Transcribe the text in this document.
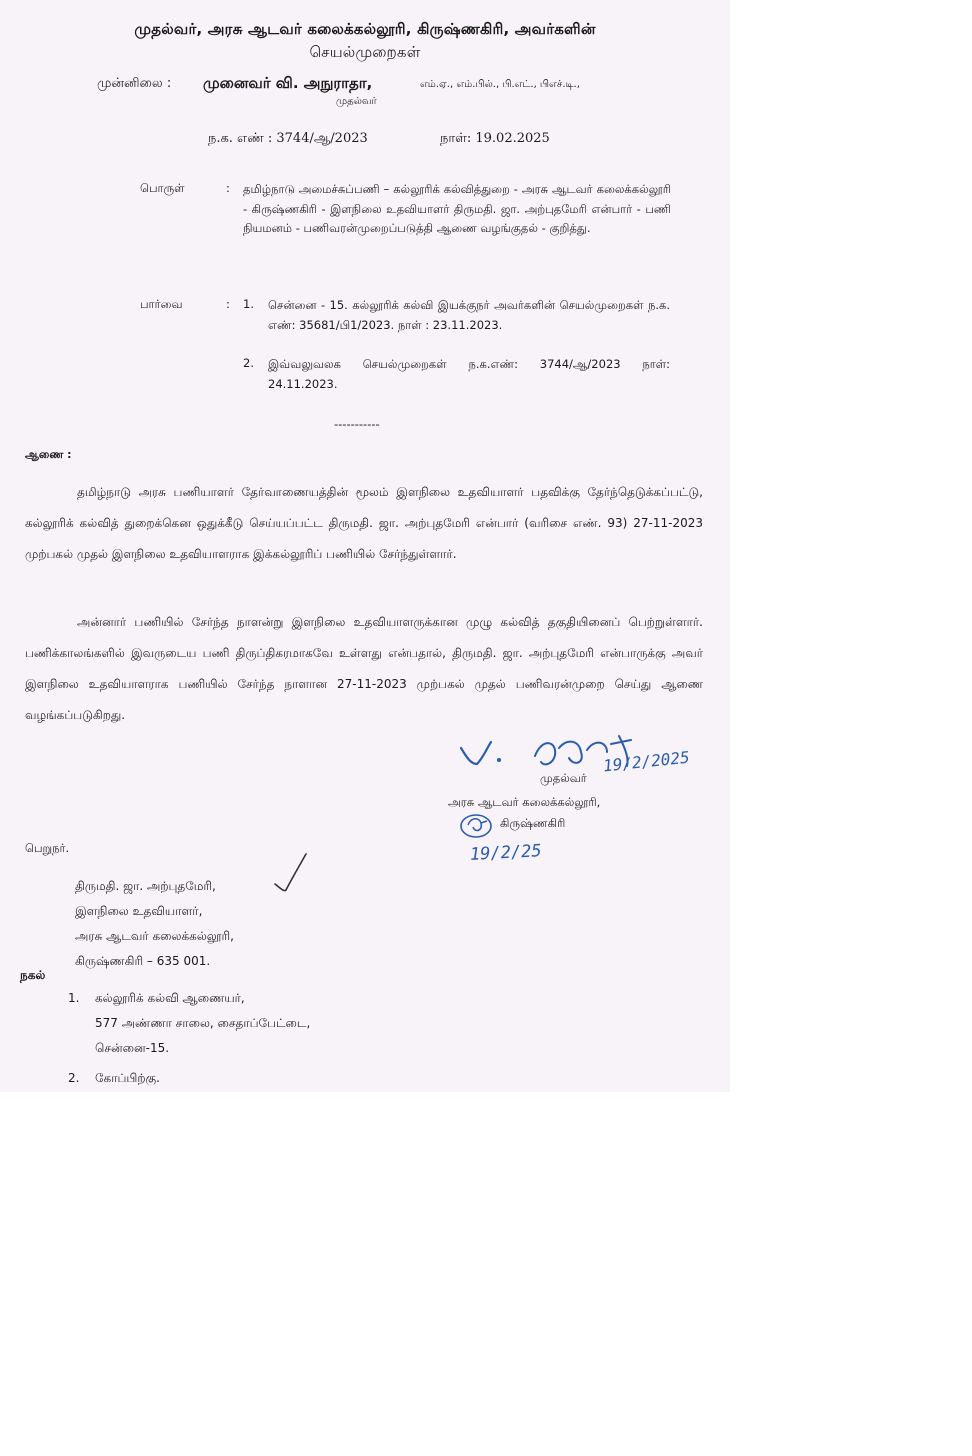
முதல்வர், அரசு ஆடவர் கலைக்கல்லூரி, கிருஷ்ணகிரி, அவர்களின்
செயல்முறைகள்
முன்னிலை : முனைவர் வி. அநுராதா,	எம்.ஏ., எம்.பில்., பி.எட்., பிஎச்.டி.,
முதல்வர்
ந.க. எண் : 3744/ஆ/2023	நாள்: 19.02.2025
பொருள்	: தமிழ்நாடு அமைச்சுப்பணி – கல்லூரிக் கல்வித்துறை - அரசு ஆடவர் கலைக்கல்லூரி - கிருஷ்ணகிரி - இளநிலை உதவியாளர் திருமதி. ஜா. அற்புதமேரி என்பார் - பணி நியமனம் - பணிவரன்முறைப்படுத்தி ஆணை வழங்குதல் - குறித்து.
பார்வை	: 1. சென்னை - 15. கல்லூரிக் கல்வி இயக்குநர் அவர்களின் செயல்முறைகள் ந.க. எண்: 35681/பி1/2023. நாள் : 23.11.2023.
2. இவ்வலுவலக செயல்முறைகள் ந.க.எண்: 3744/ஆ/2023 நாள்: 24.11.2023.
-----------
ஆணை :
தமிழ்நாடு அரசு பணியாளர் தேர்வாணையத்தின் மூலம் இளநிலை உதவியாளர் பதவிக்கு தேர்ந்தெடுக்கப்பட்டு, கல்லூரிக் கல்வித் துறைக்கென ஒதுக்கீடு செய்யப்பட்ட திருமதி. ஜா. அற்புதமேரி என்பார் (வரிசை எண். 93) 27-11-2023 முற்பகல் முதல் இளநிலை உதவியாளராக இக்கல்லூரிப் பணியில் சேர்ந்துள்ளார்.
அன்னார் பணியில் சேர்ந்த நாளன்று இளநிலை உதவியாளருக்கான முழு கல்வித் தகுதியினைப் பெற்றுள்ளார். பணிக்காலங்களில் இவருடைய பணி திருப்திகரமாகவே உள்ளது என்பதால், திருமதி. ஜா. அற்புதமேரி என்பாருக்கு அவர் இளநிலை உதவியாளராக பணியில் சேர்ந்த நாளான 27-11-2023 முற்பகல் முதல் பணிவரன்முறை செய்து ஆணை வழங்கப்படுகிறது.
19/2/2025
முதல்வர்
அரசு ஆடவர் கலைக்கல்லூரி,
கிருஷ்ணகிரி
19/2/25
பெறுநர்.
திருமதி. ஜா. அற்புதமேரி,
இளநிலை உதவியாளர்,
அரசு ஆடவர் கலைக்கல்லூரி,
கிருஷ்ணகிரி – 635 001.
நகல்
1. கல்லூரிக் கல்வி ஆணையர்,
577 அண்ணா சாலை, சைதாப்பேட்டை,
சென்னை-15.
2. கோப்பிற்கு.
